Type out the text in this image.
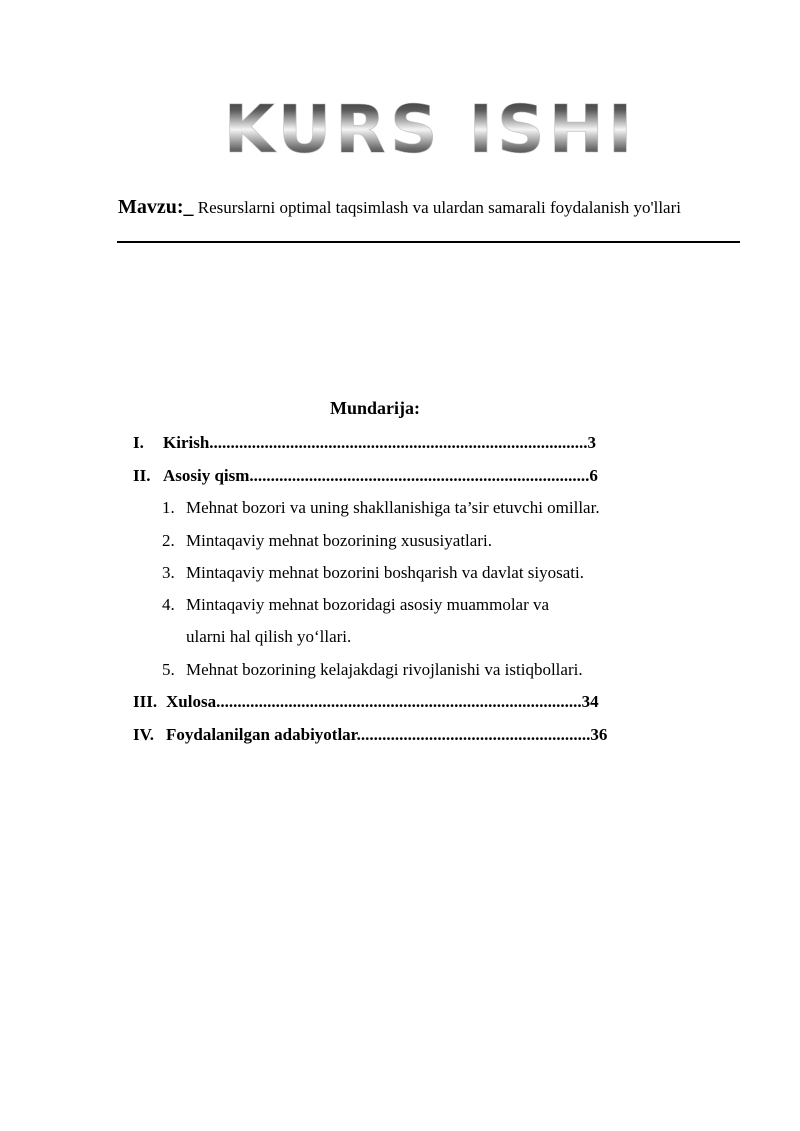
KURS ISHI
Mavzu:_ Resurslarni optimal taqsimlash va ulardan samarali foydalanish yo'llari
Mundarija:
I. Kirish.........................................................................................3
II. Asosiy qism................................................................................6
1. Mehnat bozori va uning shakllanishiga ta’sir etuvchi omillar.
2. Mintaqaviy mehnat bozorining xususiyatlari.
3. Mintaqaviy mehnat bozorini boshqarish va davlat siyosati.
4. Mintaqaviy mehnat bozoridagi asosiy muammolar va
ularni hal qilish yo‘llari.
5. Mehnat bozorining kelajakdagi rivojlanishi va istiqbollari.
III. Xulosa......................................................................................34
IV. Foydalanilgan adabiyotlar.......................................................36
